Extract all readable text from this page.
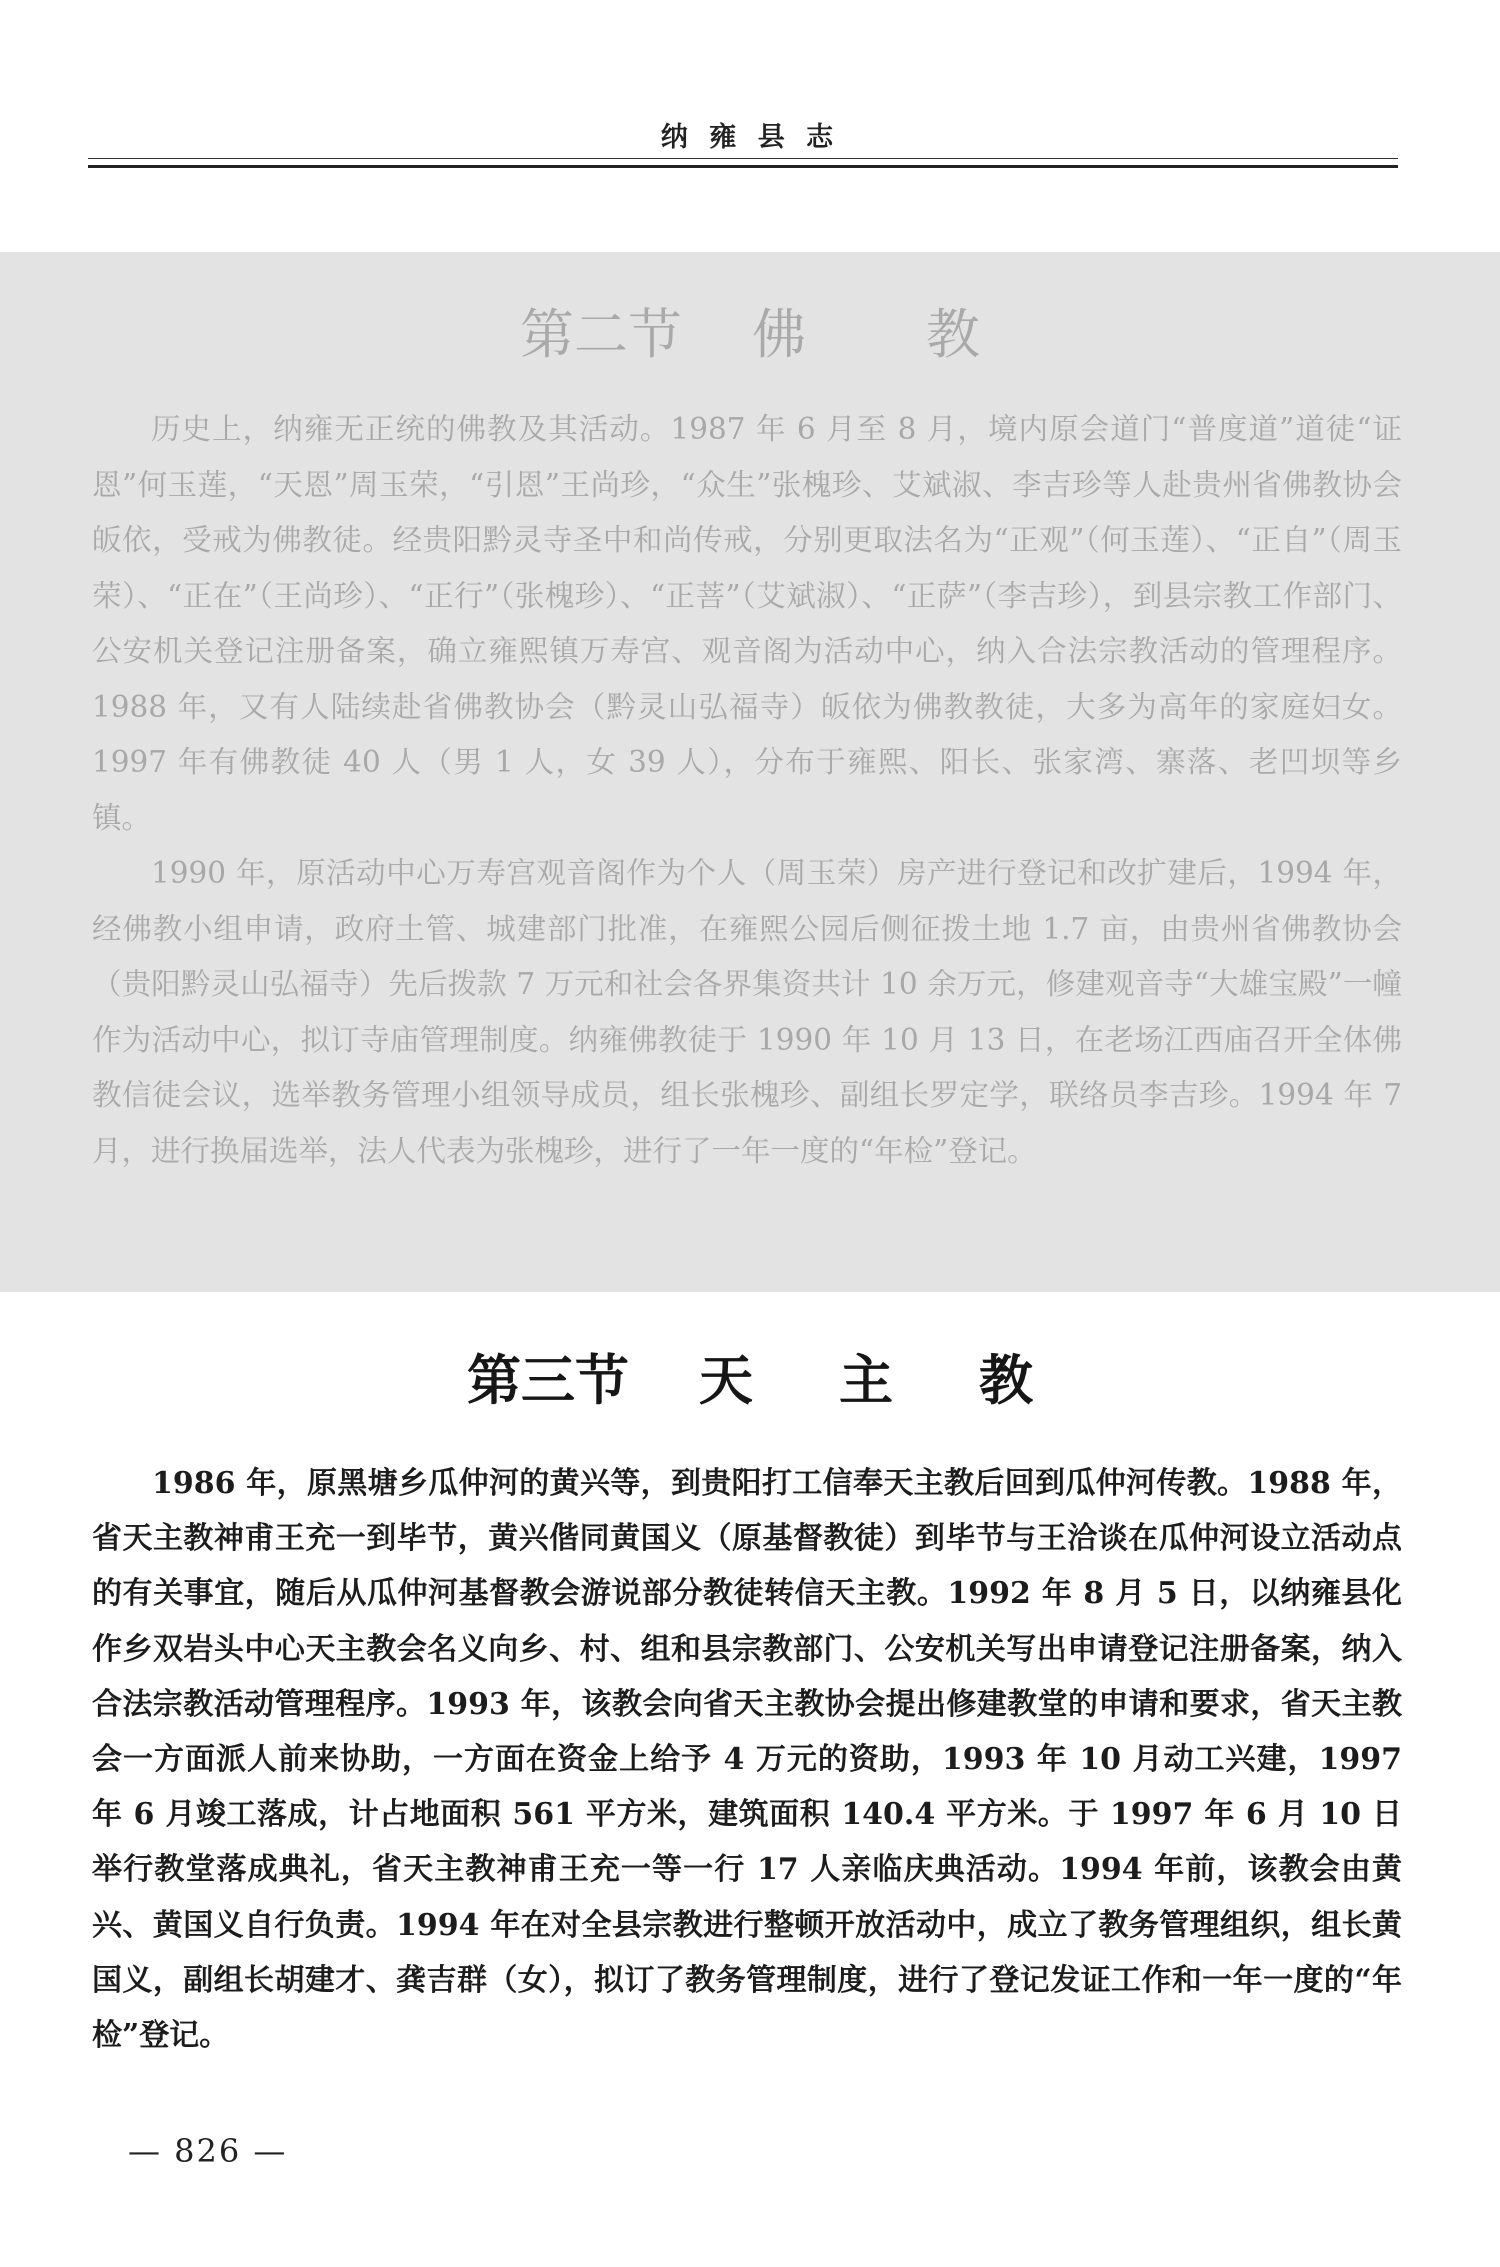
纳 雍 县 志
第二节 佛 教

历史上，纳雍无正统的佛教及其活动。1987 年 6 月至 8 月，境内原会道门“普度道”道徒“证恩”何玉莲，“天恩”周玉荣，“引恩”王尚珍，“众生”张槐珍、艾斌淑、李吉珍等人赴贵州省佛教协会皈依，受戒为佛教徒。经贵阳黔灵寺圣中和尚传戒，分别更取法名为“正观”（何玉莲）、“正自”（周玉荣）、“正在”（王尚珍）、“正行”（张槐珍）、“正菩”（艾斌淑）、“正萨”（李吉珍），到县宗教工作部门、公安机关登记注册备案，确立雍熙镇万寿宫、观音阁为活动中心，纳入合法宗教活动的管理程序。1988 年，又有人陆续赴省佛教协会（黔灵山弘福寺）皈依为佛教教徒，大多为高年的家庭妇女。1997 年有佛教徒 40 人（男 1 人，女 39 人），分布于雍熙、阳长、张家湾、寨落、老凹坝等乡镇。

1990 年，原活动中心万寿宫观音阁作为个人（周玉荣）房产进行登记和改扩建后，1994 年，经佛教小组申请，政府土管、城建部门批准，在雍熙公园后侧征拨土地 1.7 亩，由贵州省佛教协会（贵阳黔灵山弘福寺）先后拨款 7 万元和社会各界集资共计 10 余万元，修建观音寺“大雄宝殿”一幢作为活动中心，拟订寺庙管理制度。纳雍佛教徒于 1990 年 10 月 13 日，在老场江西庙召开全体佛教信徒会议，选举教务管理小组领导成员，组长张槐珍、副组长罗定学，联络员李吉珍。1994 年 7 月，进行换届选举，法人代表为张槐珍，进行了一年一度的“年检”登记。

第三节 天 主 教

1986 年，原黑塘乡瓜仲河的黄兴等，到贵阳打工信奉天主教后回到瓜仲河传教。1988 年，省天主教神甫王充一到毕节，黄兴偕同黄国义（原基督教徒）到毕节与王洽谈在瓜仲河设立活动点的有关事宜，随后从瓜仲河基督教会游说部分教徒转信天主教。1992 年 8 月 5 日，以纳雍县化作乡双岩头中心天主教会名义向乡、村、组和县宗教部门、公安机关写出申请登记注册备案，纳入合法宗教活动管理程序。1993 年，该教会向省天主教协会提出修建教堂的申请和要求，省天主教会一方面派人前来协助，一方面在资金上给予 4 万元的资助，1993 年 10 月动工兴建，1997 年 6 月竣工落成，计占地面积 561 平方米，建筑面积 140.4 平方米。于 1997 年 6 月 10 日举行教堂落成典礼，省天主教神甫王充一等一行 17 人亲临庆典活动。1994 年前，该教会由黄兴、黄国义自行负责。1994 年在对全县宗教进行整顿开放活动中，成立了教务管理组织，组长黄国义，副组长胡建才、龚吉群（女），拟订了教务管理制度，进行了登记发证工作和一年一度的“年检”登记。

— 826 —
